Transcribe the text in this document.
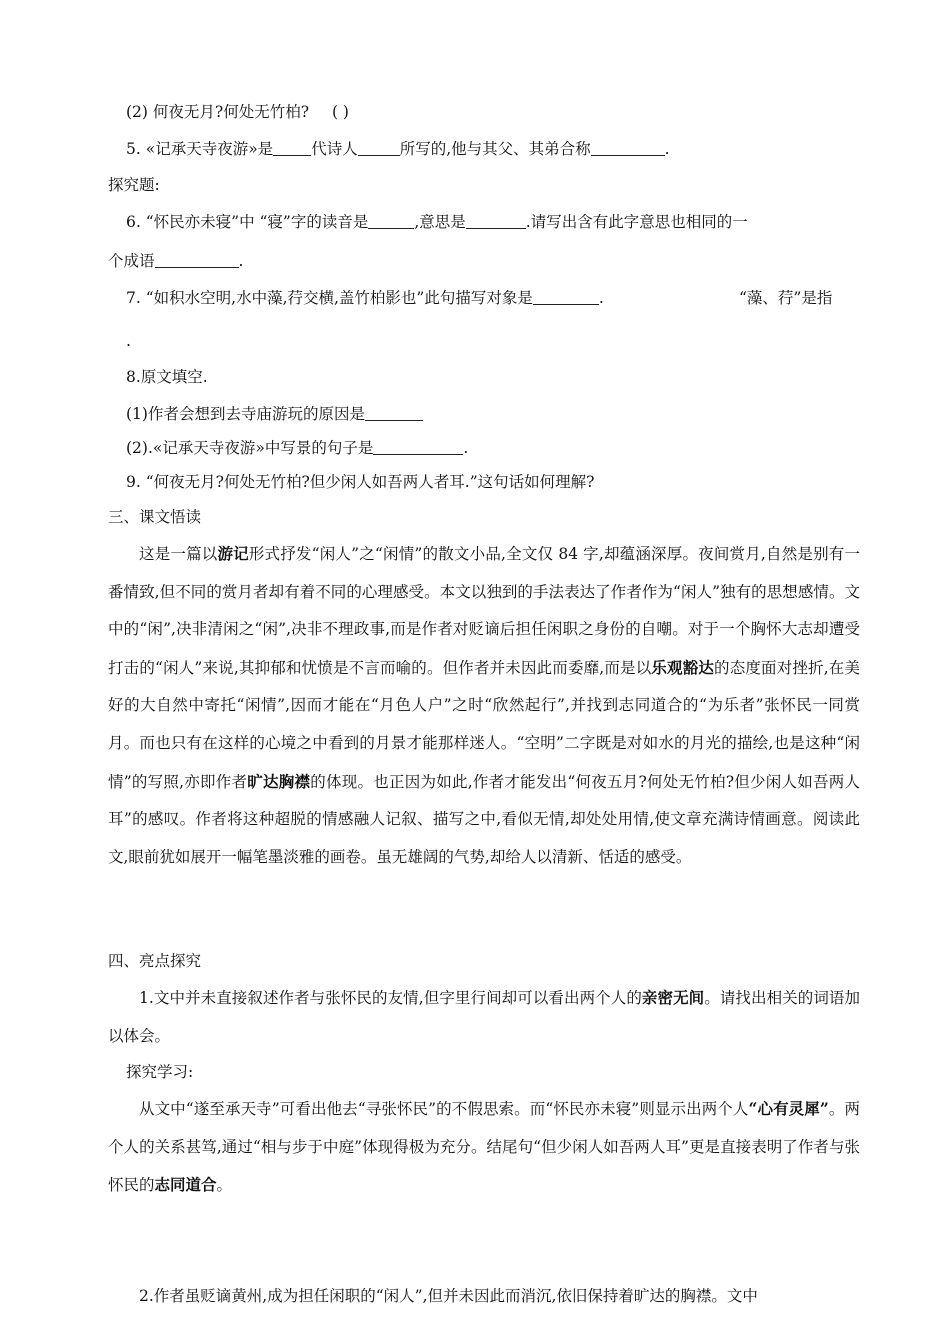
(2) 何夜无月?何处无竹柏? ( )
5. «记承天寺夜游»是 代诗人	所写的,他与其父、其弟合称	.
探究题:
6. “怀民亦未寝”中 “寝”字的读音是	,意思是	.请写出含有此字意思也相同的一
个成语	.
7. “如积水空明,水中藻,荇交横,盖竹柏影也”此句描写对象是	.	“藻、荇”是指
.
8.原文填空.
(1)作者会想到去寺庙游玩的原因是
(2).«记承天寺夜游»中写景的句子是	.
9. “何夜无月?何处无竹柏?但少闲人如吾两人者耳.”这句话如何理解?
三、课文悟读

这是一篇以游记形式抒发“闲人”之“闲情”的散文小品,全文仅 84 字,却蕴涵深厚。夜间赏月,自然是别有一番情致,但不同的赏月者却有着不同的心理感受。本文以独到的手法表达了作者作为“闲人”独有的思想感情。文中的“闲”,决非清闲之“闲”,决非不理政事,而是作者对贬谪后担任闲职之身份的自嘲。对于一个胸怀大志却遭受打击的“闲人”来说,其抑郁和忧愤是不言而喻的。但作者并未因此而委靡,而是以乐观豁达的态度面对挫折,在美好的大自然中寄托“闲情”,因而才能在“月色人户”之时“欣然起行”,并找到志同道合的“为乐者”张怀民一同赏月。而也只有在这样的心境之中看到的月景才能那样迷人。“空明”二字既是对如水的月光的描绘,也是这种“闲情”的写照,亦即作者旷达胸襟的体现。也正因为如此,作者才能发出“何夜五月?何处无竹柏?但少闲人如吾两人耳”的感叹。作者将这种超脱的情感融人记叙、描写之中,看似无情,却处处用情,使文章充满诗情画意。阅读此文,眼前犹如展开一幅笔墨淡雅的画卷。虽无雄阔的气势,却给人以清新、恬适的感受。

四、亮点探究

1.文中并未直接叙述作者与张怀民的友情,但字里行间却可以看出两个人的亲密无间。请找出相关的词语加以体会。

探究学习:

从文中“遂至承天寺”可看出他去“寻张怀民”的不假思索。而“怀民亦未寝”则显示出两个人“心有灵犀”。两个人的关系甚笃,通过“相与步于中庭”体现得极为充分。结尾句“但少闲人如吾两人耳”更是直接表明了作者与张怀民的志同道合。

2.作者虽贬谪黄州,成为担任闲职的“闲人”,但并未因此而消沉,依旧保持着旷达的胸襟。文中
